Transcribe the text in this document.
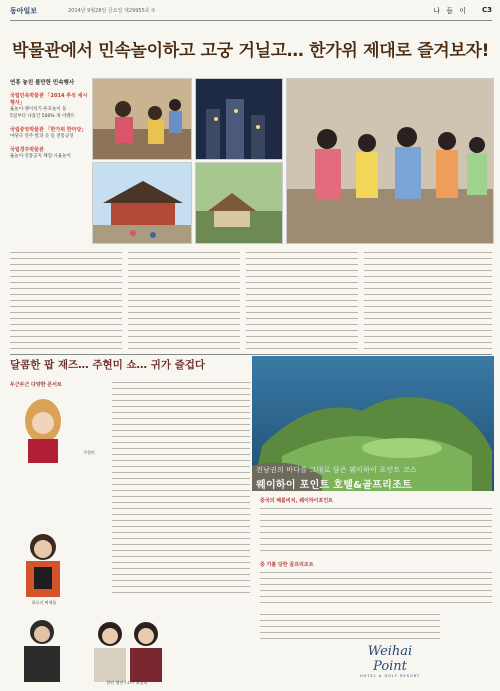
동아일보	2014년 9월28일 금요일 제29955호 ②	나 들 이 C3
박물관에서 민속놀이하고 고궁 거닐고… 한가위 제대로 즐겨보자!
연휴 놓친 볼만한 민속행사
국립민속박물관 「2014 추석 세시행사」
윷놀이·팽이치기·투호놀이 등
5일부터 나흘간 500% 개 이벤트
국립중앙박물관 「한가위 한마당」
마당극 연주·딸과 곳 등 전통공연
국립경주박물관
윷놀이·전통공지 체험·시윷놀이
달콤한 팝 재즈… 주현미 쇼… 귀가 즐겁다
두근두근 다양한 콘서트
주현미
하루키 써세틀
래크
재즈보스
한희성
한인 영진 l 소프 외성리
전남권의 바다를 그대로 담은 웨이하이 포인트 코스
웨이하이 포인트 호텔&골프리조트
중국의 페블비치, 웨이하이포인트
중 가볼 당한 골프리조트
Weihai Point
HOTEL & GOLF RESORT
